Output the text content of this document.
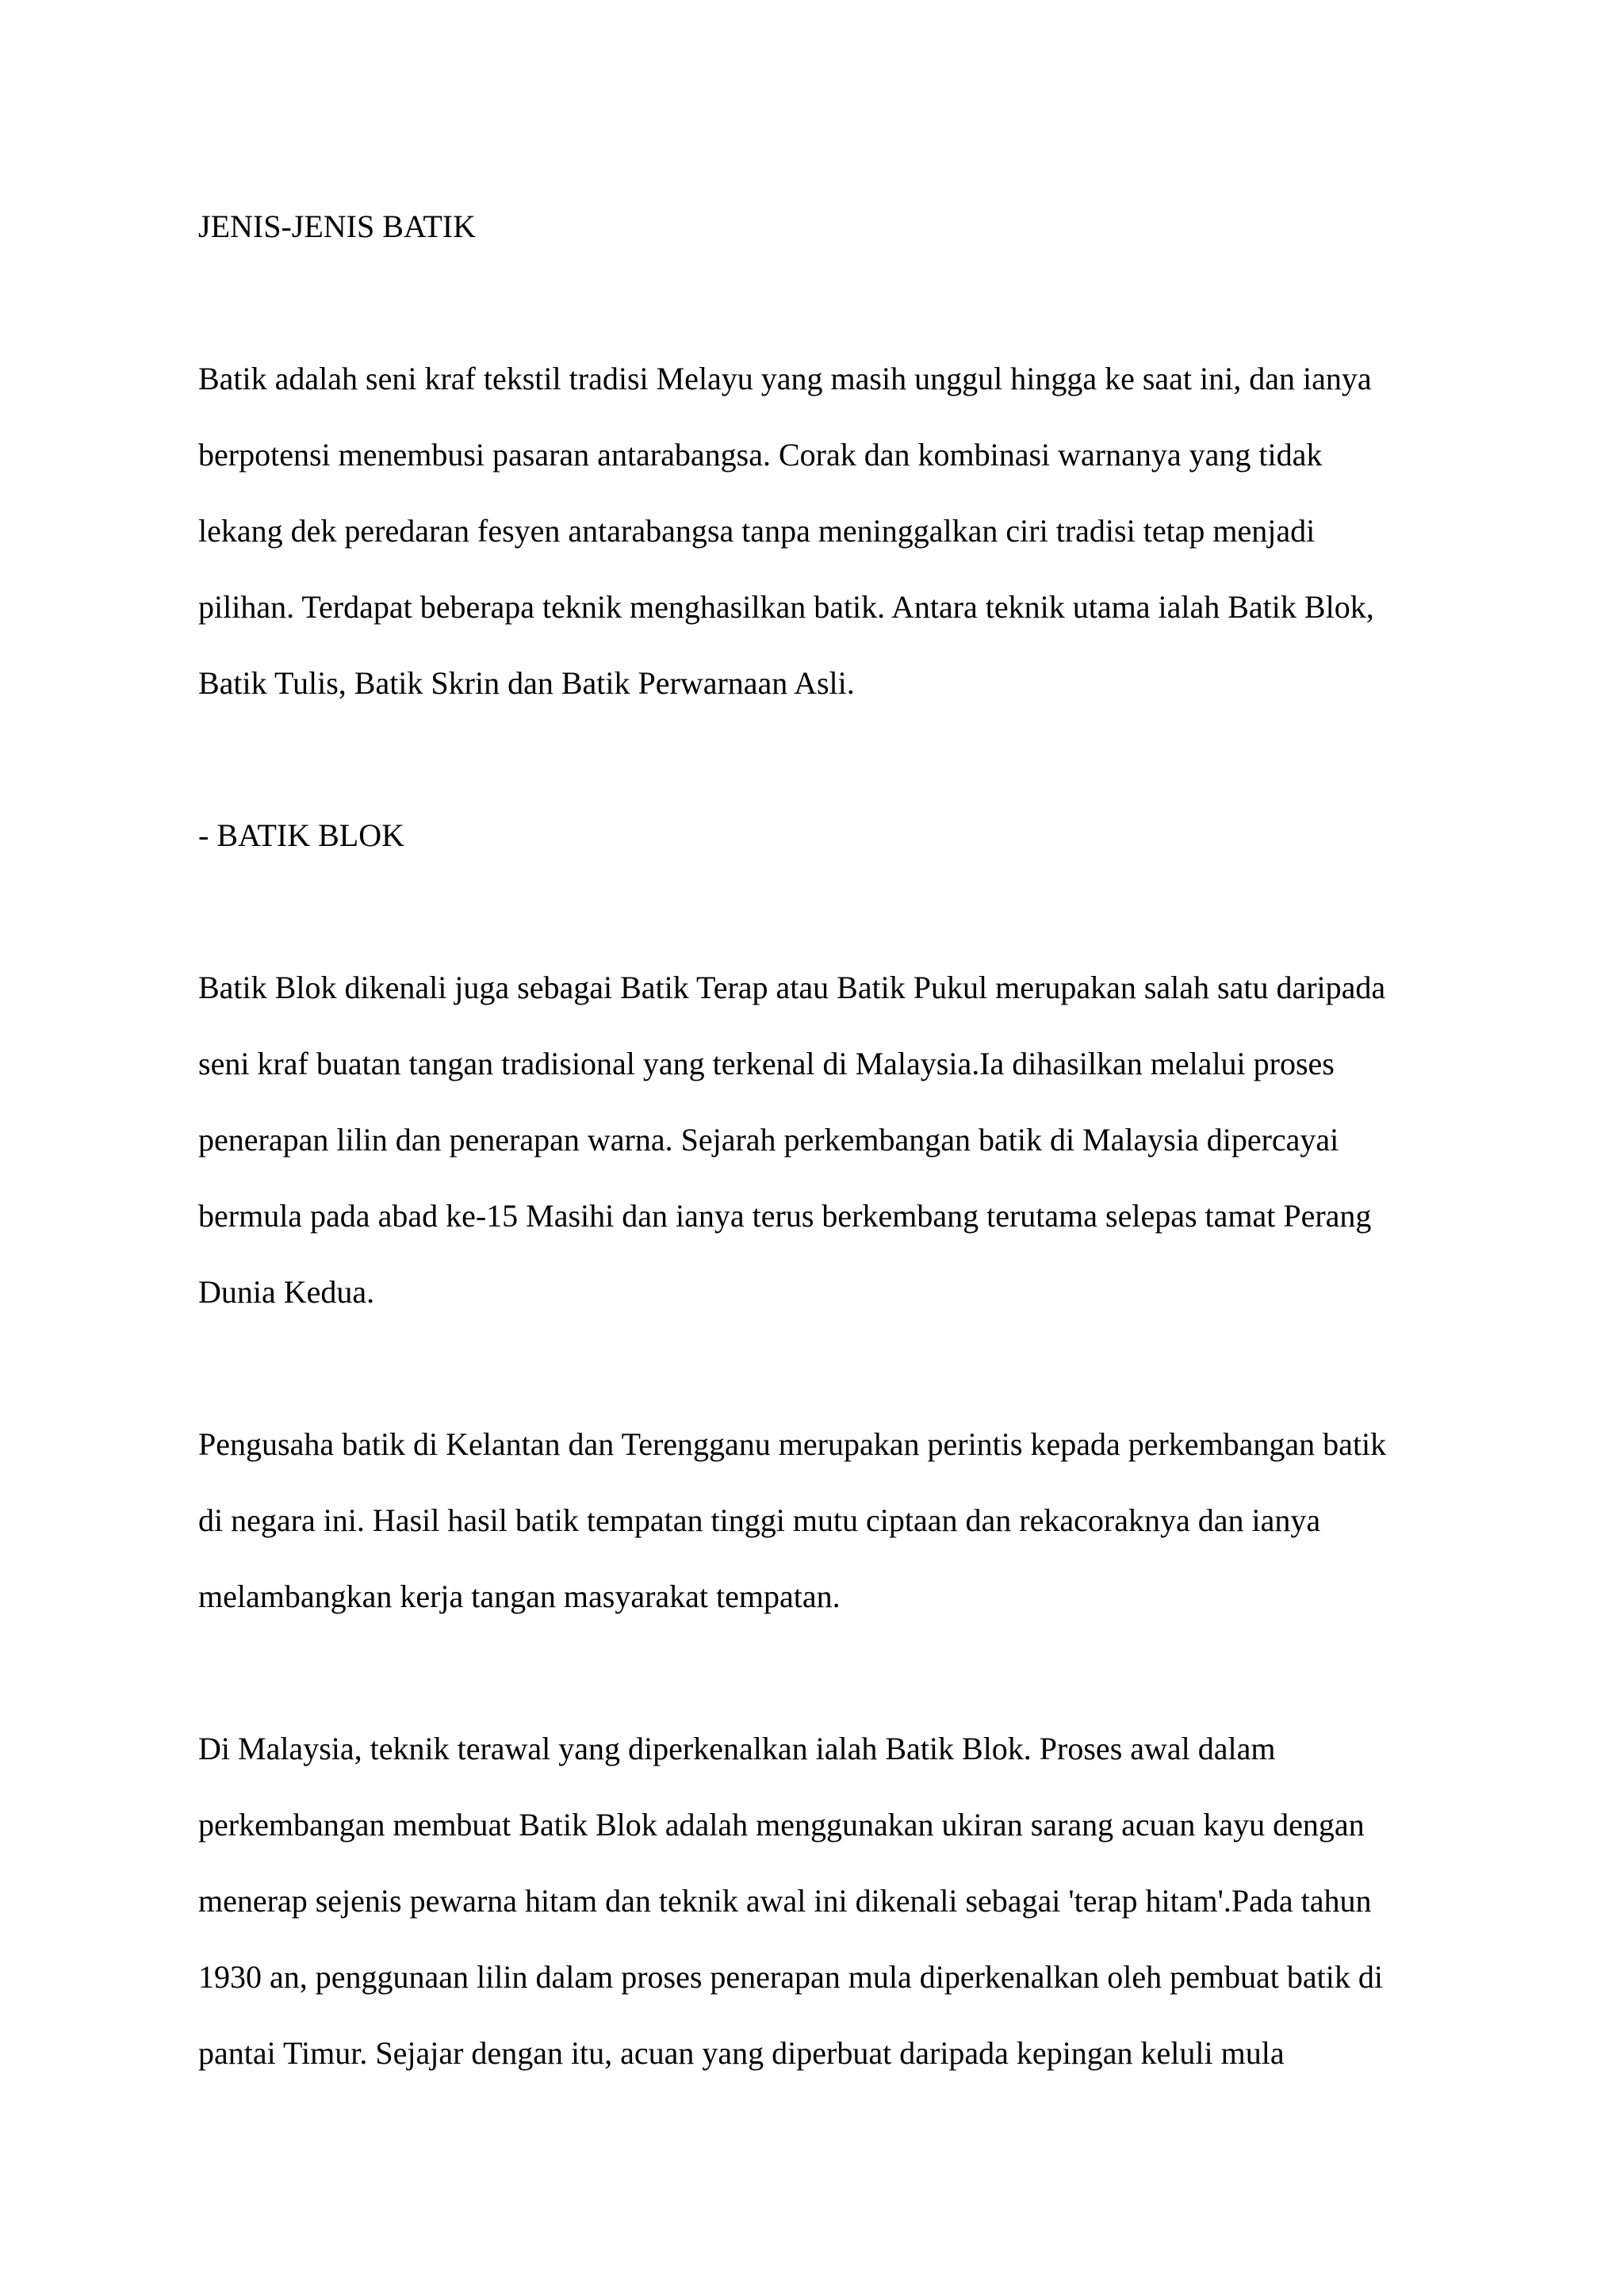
JENIS-JENIS BATIK
Batik adalah seni kraf tekstil tradisi Melayu yang masih unggul hingga ke saat ini, dan ianya
berpotensi menembusi pasaran antarabangsa. Corak dan kombinasi warnanya yang tidak
lekang dek peredaran fesyen antarabangsa tanpa meninggalkan ciri tradisi tetap menjadi
pilihan. Terdapat beberapa teknik menghasilkan batik. Antara teknik utama ialah Batik Blok,
Batik Tulis, Batik Skrin dan Batik Perwarnaan Asli.
- BATIK BLOK
Batik Blok dikenali juga sebagai Batik Terap atau Batik Pukul merupakan salah satu daripada
seni kraf buatan tangan tradisional yang terkenal di Malaysia.Ia dihasilkan melalui proses
penerapan lilin dan penerapan warna. Sejarah perkembangan batik di Malaysia dipercayai
bermula pada abad ke-15 Masihi dan ianya terus berkembang terutama selepas tamat Perang
Dunia Kedua.
Pengusaha batik di Kelantan dan Terengganu merupakan perintis kepada perkembangan batik
di negara ini. Hasil hasil batik tempatan tinggi mutu ciptaan dan rekacoraknya dan ianya
melambangkan kerja tangan masyarakat tempatan.
Di Malaysia, teknik terawal yang diperkenalkan ialah Batik Blok. Proses awal dalam
perkembangan membuat Batik Blok adalah menggunakan ukiran sarang acuan kayu dengan
menerap sejenis pewarna hitam dan teknik awal ini dikenali sebagai 'terap hitam'.Pada tahun
1930 an, penggunaan lilin dalam proses penerapan mula diperkenalkan oleh pembuat batik di
pantai Timur. Sejajar dengan itu, acuan yang diperbuat daripada kepingan keluli mula
